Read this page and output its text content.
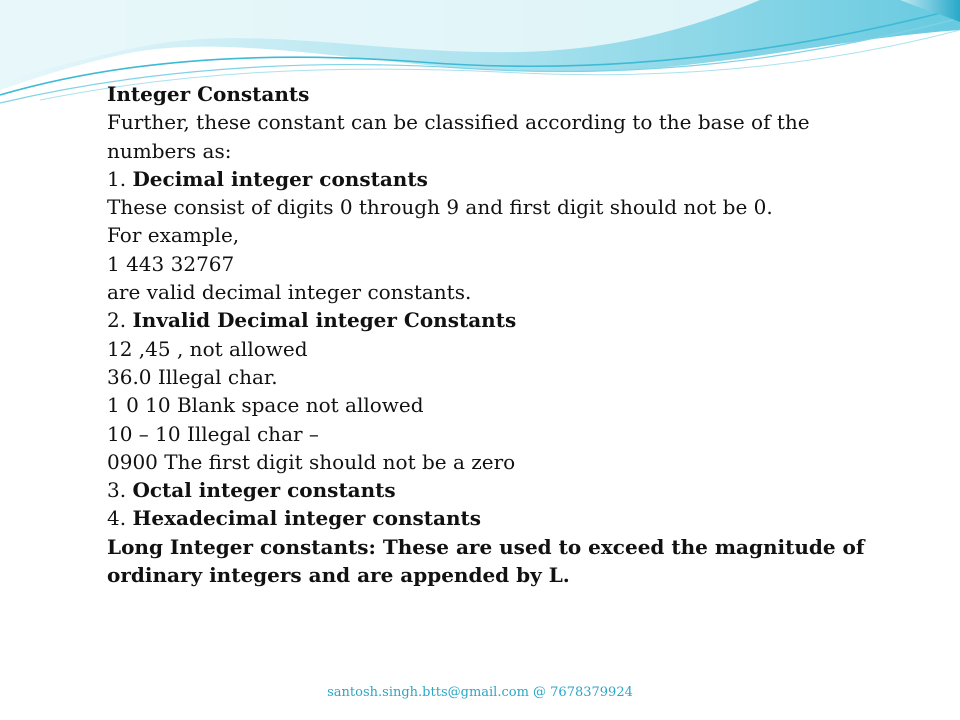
Integer Constants
Further, these constant can be classified according to the base of the numbers as:
1. Decimal integer constants
These consist of digits 0 through 9 and first digit should not be 0.
For example,
1 443 32767
are valid decimal integer constants.
2. Invalid Decimal integer Constants
12 ,45 , not allowed
36.0 Illegal char.
1 0 10 Blank space not allowed
10 – 10 Illegal char –
0900 The first digit should not be a zero
3. Octal integer constants
4. Hexadecimal integer constants
Long Integer constants: These are used to exceed the magnitude of ordinary integers and are appended by L.
santosh.singh.btts@gmail.com @ 7678379924
